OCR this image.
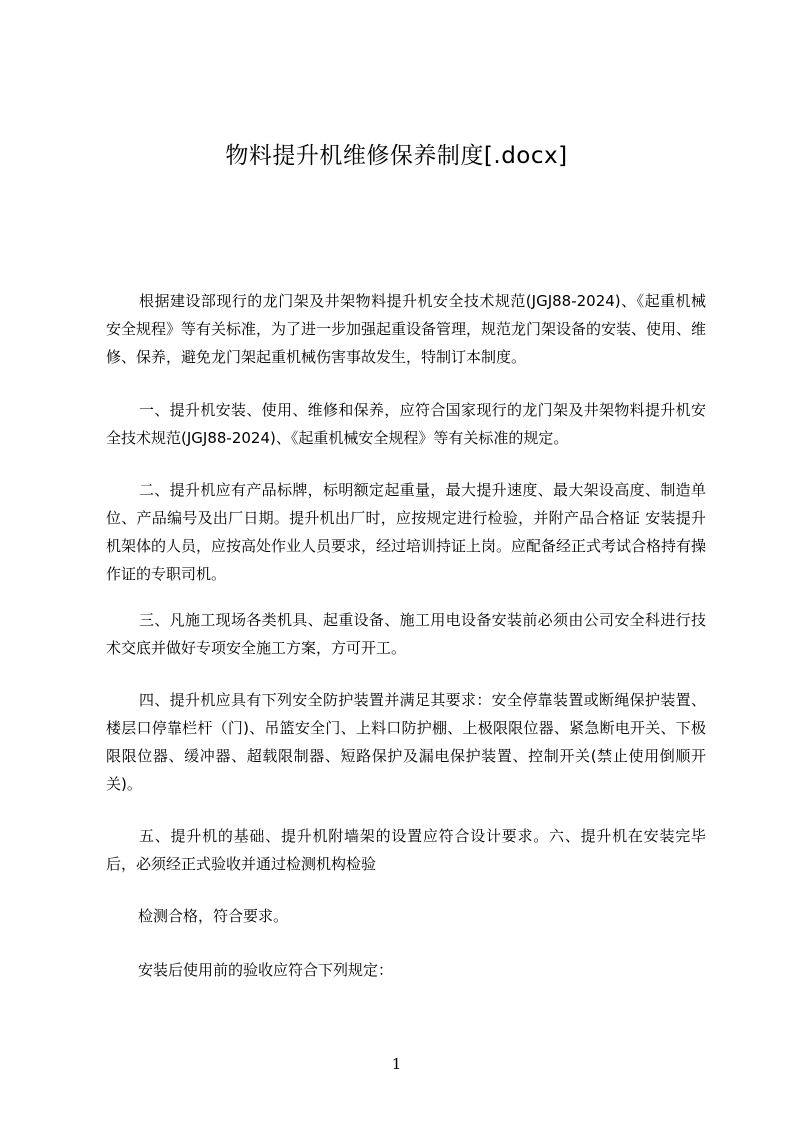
物料提升机维修保养制度[.docx]

根据建设部现行的龙门架及井架物料提升机安全技术规范(JGJ88-2024)、《起重机械安全规程》等有关标准，为了进一步加强起重设备管理，规范龙门架设备的安装、使用、维修、保养，避免龙门架起重机械伤害事故发生，特制订本制度。

一、提升机安装、使用、维修和保养，应符合国家现行的龙门架及井架物料提升机安全技术规范(JGJ88-2024)、《起重机械安全规程》等有关标准的规定。

二、提升机应有产品标牌，标明额定起重量，最大提升速度、最大架设高度、制造单位、产品编号及出厂日期。提升机出厂时，应按规定进行检验，并附产品合格证 安装提升机架体的人员，应按高处作业人员要求，经过培训持证上岗。应配备经正式考试合格持有操作证的专职司机。

三、凡施工现场各类机具、起重设备、施工用电设备安装前必须由公司安全科进行技术交底并做好专项安全施工方案，方可开工。

四、提升机应具有下列安全防护装置并满足其要求：安全停靠装置或断绳保护装置、楼层口停靠栏杆（门)、吊篮安全门、上料口防护棚、上极限限位器、紧急断电开关、下极限限位器、缓冲器、超载限制器、短路保护及漏电保护装置、控制开关(禁止使用倒顺开关)。

五、提升机的基础、提升机附墙架的设置应符合设计要求。六、提升机在安装完毕后，必须经正式验收并通过检测机构检验

检测合格，符合要求。

安装后使用前的验收应符合下列规定：

1
